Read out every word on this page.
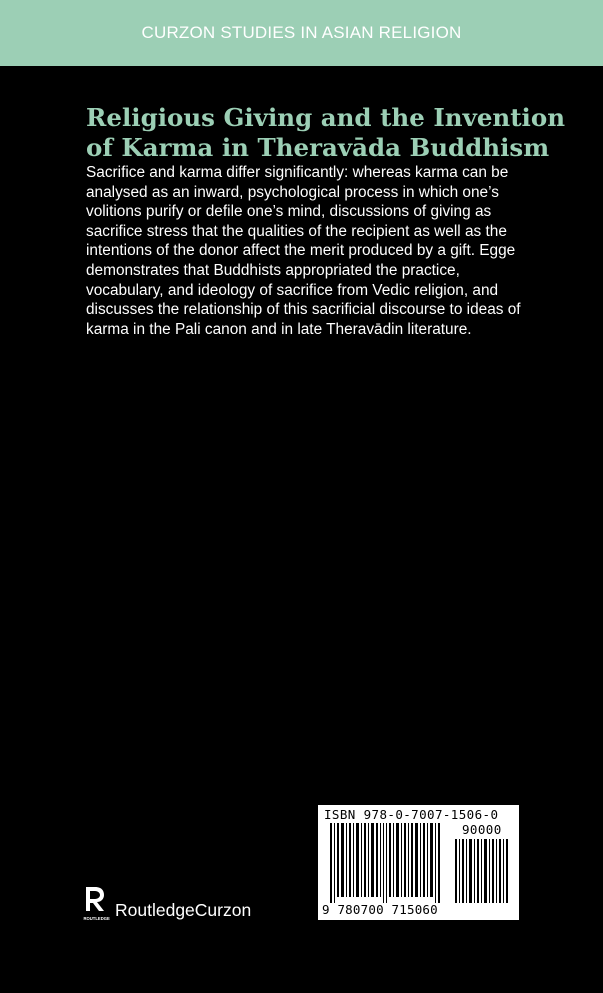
CURZON STUDIES IN ASIAN RELIGION
Religious Giving and the Invention
of Karma in Theravāda Buddhism

Sacrifice and karma differ significantly: whereas karma can be
analysed as an inward, psychological process in which one’s
volitions purify or defile one’s mind, discussions of giving as
sacrifice stress that the qualities of the recipient as well as the
intentions of the donor affect the merit produced by a gift. Egge
demonstrates that Buddhists appropriated the practice,
vocabulary, and ideology of sacrifice from Vedic religion, and
discusses the relationship of this sacrificial discourse to ideas of
karma in the Pali canon and in late Theravādin literature.

ROUTLEDGE RoutledgeCurzon
ISBN 978-0-7007-1506-0
90000
9 780700 715060
